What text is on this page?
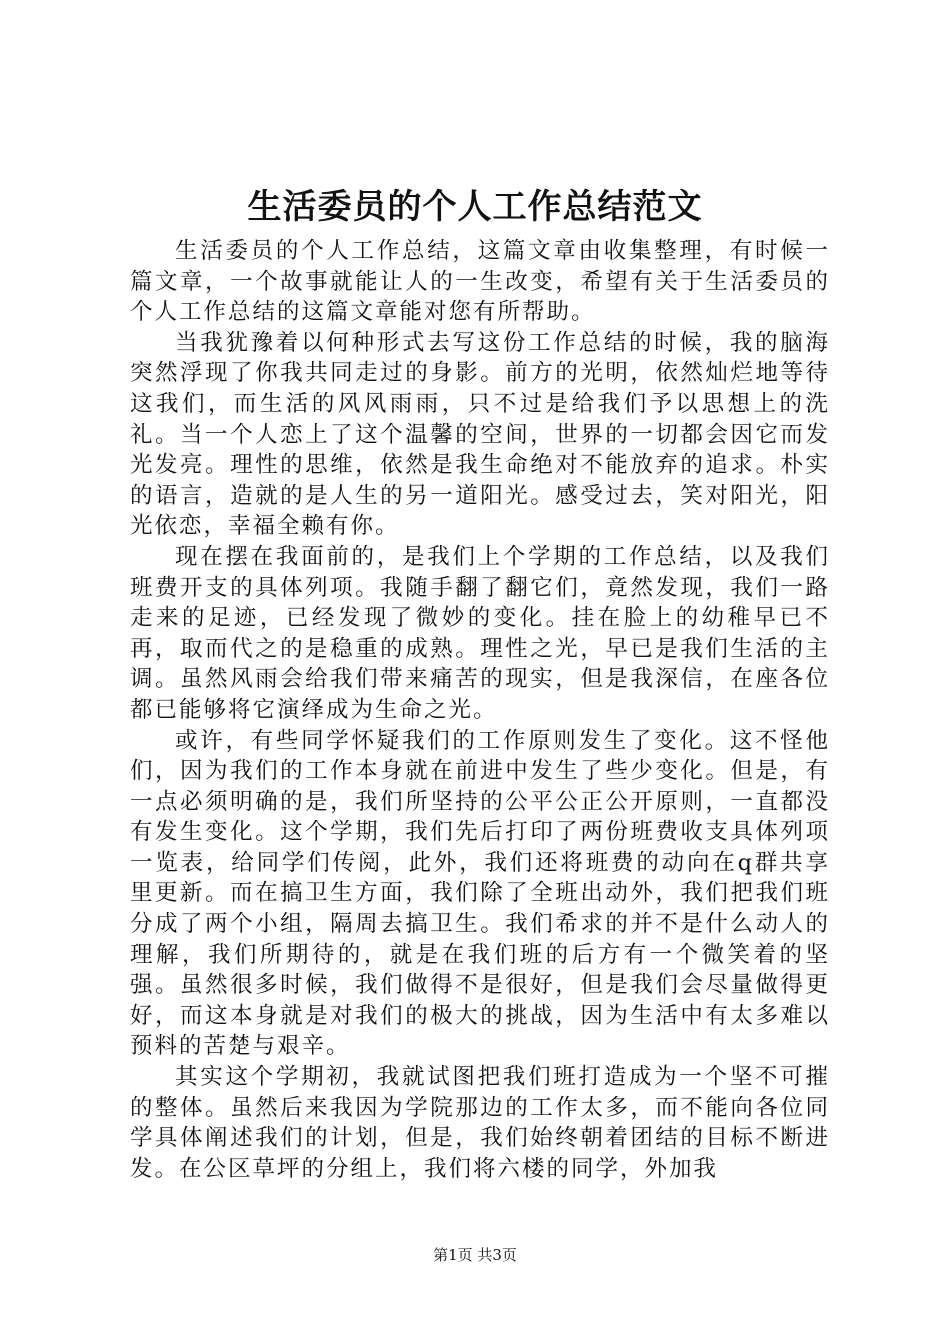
生活委员的个人工作总结范文

生活委员的个人工作总结，这篇文章由收集整理，有时候一篇文章，一个故事就能让人的一生改变，希望有关于生活委员的个人工作总结的这篇文章能对您有所帮助。

当我犹豫着以何种形式去写这份工作总结的时候，我的脑海突然浮现了你我共同走过的身影。前方的光明，依然灿烂地等待这我们，而生活的风风雨雨，只不过是给我们予以思想上的洗礼。当一个人恋上了这个温馨的空间，世界的一切都会因它而发光发亮。理性的思维，依然是我生命绝对不能放弃的追求。朴实的语言，造就的是人生的另一道阳光。感受过去，笑对阳光，阳光依恋，幸福全赖有你。

现在摆在我面前的，是我们上个学期的工作总结，以及我们班费开支的具体列项。我随手翻了翻它们，竟然发现，我们一路走来的足迹，已经发现了微妙的变化。挂在脸上的幼稚早已不再，取而代之的是稳重的成熟。理性之光，早已是我们生活的主调。虽然风雨会给我们带来痛苦的现实，但是我深信，在座各位都已能够将它演绎成为生命之光。

或许，有些同学怀疑我们的工作原则发生了变化。这不怪他们，因为我们的工作本身就在前进中发生了些少变化。但是，有一点必须明确的是，我们所坚持的公平公正公开原则，一直都没有发生变化。这个学期，我们先后打印了两份班费收支具体列项一览表，给同学们传阅，此外，我们还将班费的动向在q群共享里更新。而在搞卫生方面，我们除了全班出动外，我们把我们班分成了两个小组，隔周去搞卫生。我们希求的并不是什么动人的理解，我们所期待的，就是在我们班的后方有一个微笑着的坚强。虽然很多时候，我们做得不是很好，但是我们会尽量做得更好，而这本身就是对我们的极大的挑战，因为生活中有太多难以预料的苦楚与艰辛。

其实这个学期初，我就试图把我们班打造成为一个坚不可摧的整体。虽然后来我因为学院那边的工作太多，而不能向各位同学具体阐述我们的计划，但是，我们始终朝着团结的目标不断进发。在公区草坪的分组上，我们将六楼的同学，外加我

第1页 共3页
